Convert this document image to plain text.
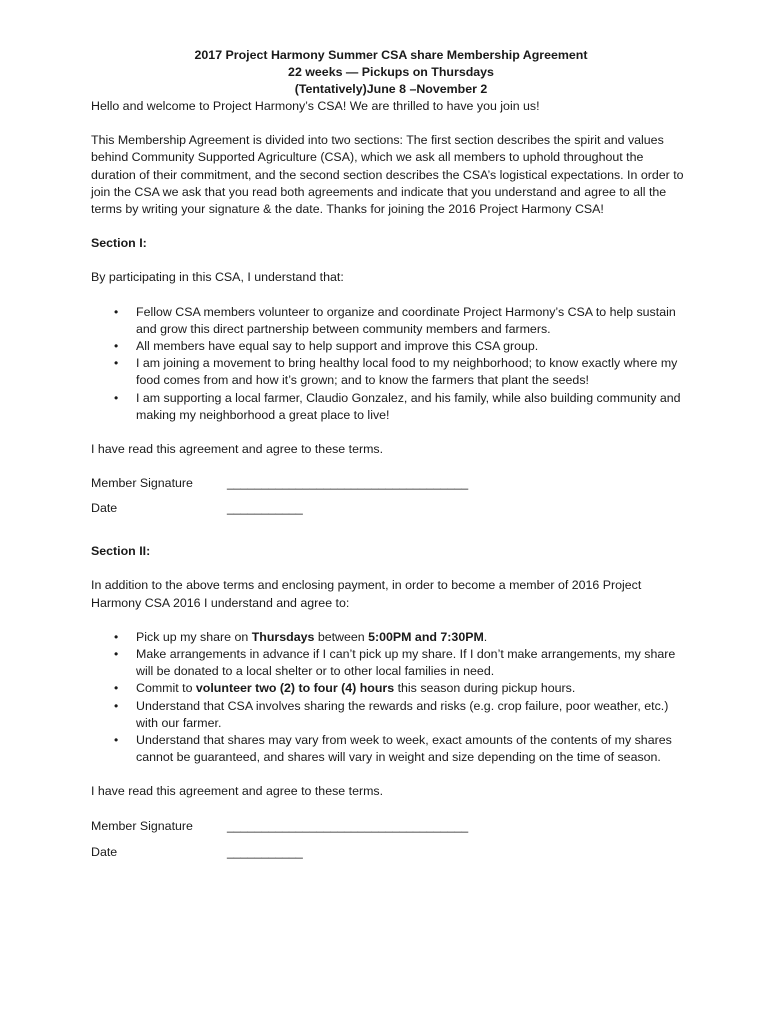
2017 Project Harmony Summer CSA share Membership Agreement
22 weeks — Pickups on Thursdays
(Tentatively)June 8 –November 2

Hello and welcome to Project Harmony’s CSA! We are thrilled to have you join us!

This Membership Agreement is divided into two sections: The first section describes the spirit and values behind Community Supported Agriculture (CSA), which we ask all members to uphold throughout the duration of their commitment, and the second section describes the CSA’s logistical expectations. In order to join the CSA we ask that you read both agreements and indicate that you understand and agree to all the terms by writing your signature & the date. Thanks for joining the 2016 Project Harmony CSA!

Section I:

By participating in this CSA, I understand that:

• Fellow CSA members volunteer to organize and coordinate Project Harmony’s CSA to help sustain and grow this direct partnership between community members and farmers.
• All members have equal say to help support and improve this CSA group.
• I am joining a movement to bring healthy local food to my neighborhood; to know exactly where my food comes from and how it’s grown; and to know the farmers that plant the seeds!
• I am supporting a local farmer, Claudio Gonzalez, and his family, while also building community and making my neighborhood a great place to live!

I have read this agreement and agree to these terms.

Member Signature	___________________________________
Date	___________

Section II:

In addition to the above terms and enclosing payment, in order to become a member of 2016 Project Harmony CSA 2016 I understand and agree to:

• Pick up my share on Thursdays between 5:00PM and 7:30PM.
• Make arrangements in advance if I can’t pick up my share. If I don’t make arrangements, my share will be donated to a local shelter or to other local families in need.
• Commit to volunteer two (2) to four (4) hours this season during pickup hours.
• Understand that CSA involves sharing the rewards and risks (e.g. crop failure, poor weather, etc.) with our farmer.
• Understand that shares may vary from week to week, exact amounts of the contents of my shares cannot be guaranteed, and shares will vary in weight and size depending on the time of season.

I have read this agreement and agree to these terms.

Member Signature	___________________________________
Date	___________
